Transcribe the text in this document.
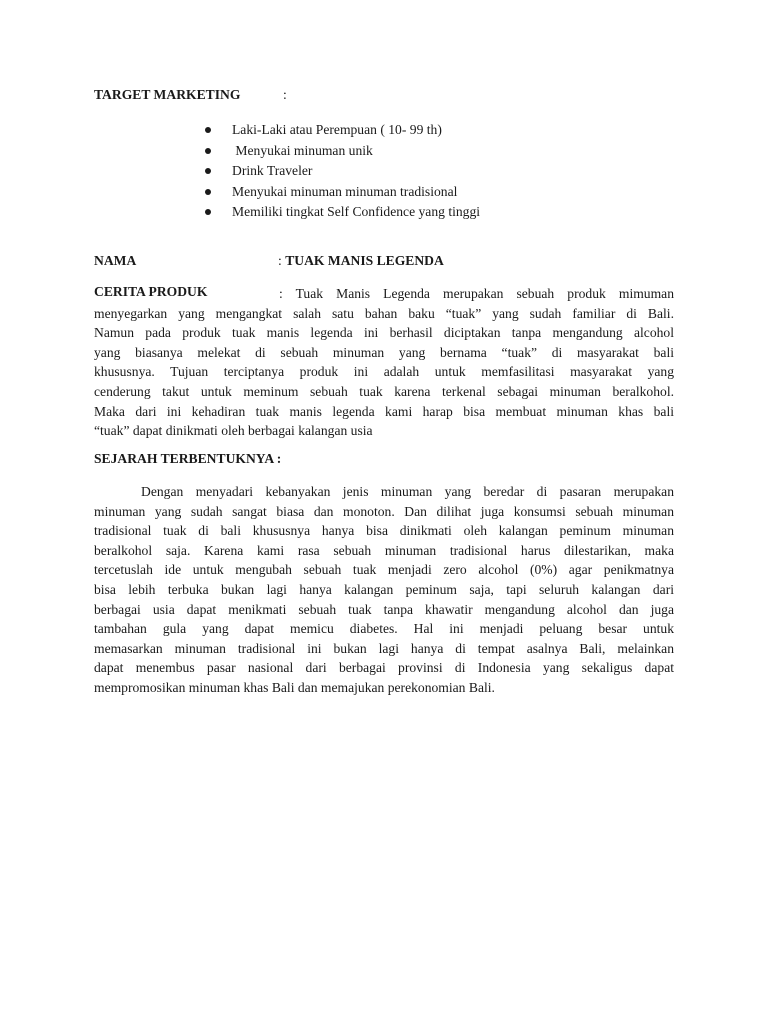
TARGET MARKETING	:

Laki-Laki atau Perempuan ( 10- 99 th)

Menyukai minuman unik

Drink Traveler

Menyukai minuman minuman tradisional

Memiliki tingkat Self Confidence yang tinggi

NAMA	: TUAK MANIS LEGENDA
CERITA PRODUK	: Tuak Manis Legenda merupakan sebuah produk mimuman
menyegarkan yang mengangkat salah satu bahan baku “tuak” yang sudah familiar di Bali.
Namun pada produk tuak manis legenda ini berhasil diciptakan tanpa mengandung alcohol
yang biasanya melekat di sebuah minuman yang bernama “tuak” di masyarakat bali
khususnya. Tujuan terciptanya produk ini adalah untuk memfasilitasi masyarakat yang
cenderung takut untuk meminum sebuah tuak karena terkenal sebagai minuman beralkohol.
Maka dari ini kehadiran tuak manis legenda kami harap bisa membuat minuman khas bali
“tuak” dapat dinikmati oleh berbagai kalangan usia
SEJARAH TERBENTUKNYA :
Dengan menyadari kebanyakan jenis minuman yang beredar di pasaran merupakan
minuman yang sudah sangat biasa dan monoton. Dan dilihat juga konsumsi sebuah minuman
tradisional tuak di bali khususnya hanya bisa dinikmati oleh kalangan peminum minuman
beralkohol saja. Karena kami rasa sebuah minuman tradisional harus dilestarikan, maka
tercetuslah ide untuk mengubah sebuah tuak menjadi zero alcohol (0%) agar penikmatnya
bisa lebih terbuka bukan lagi hanya kalangan peminum saja, tapi seluruh kalangan dari
berbagai usia dapat menikmati sebuah tuak tanpa khawatir mengandung alcohol dan juga
tambahan gula yang dapat memicu diabetes. Hal ini menjadi peluang besar untuk
memasarkan minuman tradisional ini bukan lagi hanya di tempat asalnya Bali, melainkan
dapat menembus pasar nasional dari berbagai provinsi di Indonesia yang sekaligus dapat
mempromosikan minuman khas Bali dan memajukan perekonomian Bali.
